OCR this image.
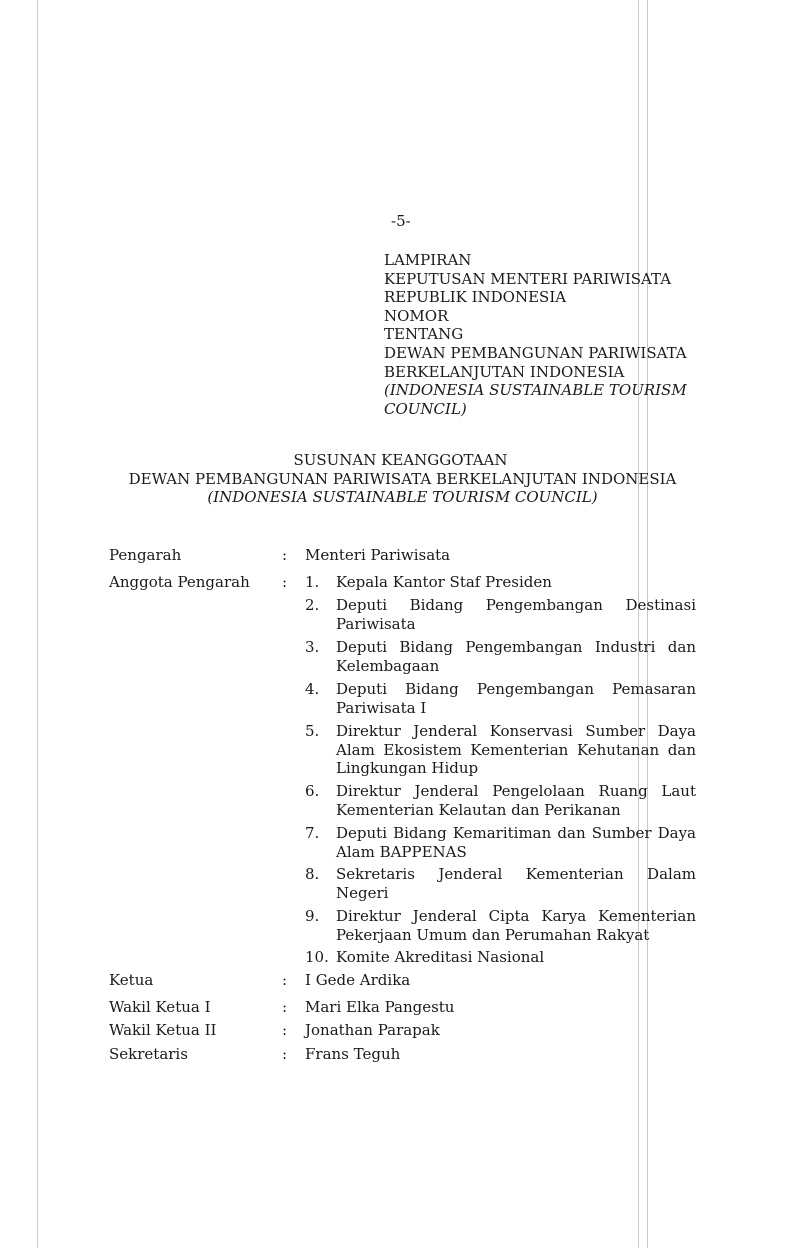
-5-
LAMPIRAN
KEPUTUSAN MENTERI PARIWISATA
REPUBLIK INDONESIA
NOMOR
TENTANG
DEWAN PEMBANGUNAN PARIWISATA
BERKELANJUTAN INDONESIA
(INDONESIA SUSTAINABLE TOURISM
COUNCIL)
SUSUNAN KEANGGOTAAN
DEWAN PEMBANGUNAN PARIWISATA BERKELANJUTAN INDONESIA
(INDONESIA SUSTAINABLE TOURISM COUNCIL)
Pengarah	: Menteri Pariwisata
Anggota Pengarah : 1.	Kepala Kantor Staf Presiden
2.	Deputi Bidang Pengembangan Destinasi Pariwisata
3.	Deputi Bidang Pengembangan Industri dan Kelembagaan
4.	Deputi Bidang Pengembangan Pemasaran Pariwisata I
5.	Direktur Jenderal Konservasi Sumber Daya Alam Ekosistem Kementerian Kehutanan dan Lingkungan Hidup
6.	Direktur Jenderal Pengelolaan Ruang Laut Kementerian Kelautan dan Perikanan
7.	Deputi Bidang Kemaritiman dan Sumber Daya Alam BAPPENAS
8.	Sekretaris Jenderal Kementerian Dalam Negeri
9.	Direktur Jenderal Cipta Karya Kementerian Pekerjaan Umum dan Perumahan Rakyat
10. Komite Akreditasi Nasional
Ketua	: I Gede Ardika
Wakil Ketua I	: Mari Elka Pangestu
Wakil Ketua II	: Jonathan Parapak
Sekretaris	: Frans Teguh
